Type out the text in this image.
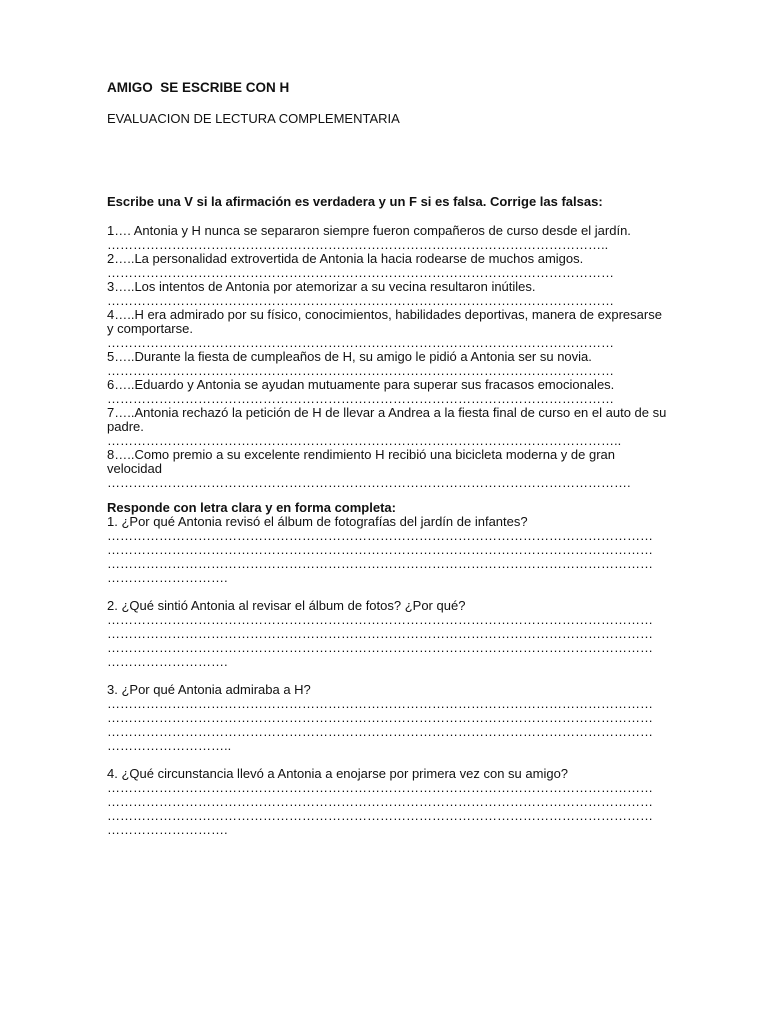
AMIGO  SE ESCRIBE CON H

EVALUACION DE LECTURA COMPLEMENTARIA

Escribe una V si la afirmación es verdadera y un F si es falsa. Corrige las falsas:

1…. Antonia y H nunca se separaron siempre fueron compañeros de curso desde el jardín.
……………………………………………………………………………………………………..
2…..La personalidad extrovertida de Antonia la hacia rodearse de muchos amigos.
………………………………………………………………………………………………………
3…..Los intentos de Antonia por atemorizar a su vecina resultaron inútiles.
………………………………………………………………………………………………………
4…..H era admirado por su físico, conocimientos, habilidades deportivas, manera de expresarse y comportarse.
………………………………………………………………………………………………………
5…..Durante la fiesta de cumpleaños de H, su amigo le pidió a Antonia ser su novia.
………………………………………………………………………………………………………
6…..Eduardo y Antonia se ayudan mutuamente para superar sus fracasos emocionales.
………………………………………………………………………………………………………
7…..Antonia rechazó la petición de H de llevar a Andrea a la fiesta final de curso en el auto de su padre.
………………………………………………………………………………………………………..
8…..Como premio a su excelente rendimiento H recibió una bicicleta moderna y de gran velocidad
………………………………………………………………………………………………………….

Responde con letra clara y en forma completa:

1. ¿Por qué Antonia revisó el álbum de fotografías del jardín de infantes?
………………………………………………………………………………………………………………
………………………………………………………………………………………………………………
………………………………………………………………………………………………………………
……………………….
2. ¿Qué sintió Antonia al revisar el álbum de fotos? ¿Por qué?
………………………………………………………………………………………………………………
………………………………………………………………………………………………………………
………………………………………………………………………………………………………………
……………………….
3. ¿Por qué Antonia admiraba a H?
………………………………………………………………………………………………………………
………………………………………………………………………………………………………………
………………………………………………………………………………………………………………
………………………..
4. ¿Qué circunstancia llevó a Antonia a enojarse por primera vez con su amigo?
………………………………………………………………………………………………………………
………………………………………………………………………………………………………………
………………………………………………………………………………………………………………
……………………….
